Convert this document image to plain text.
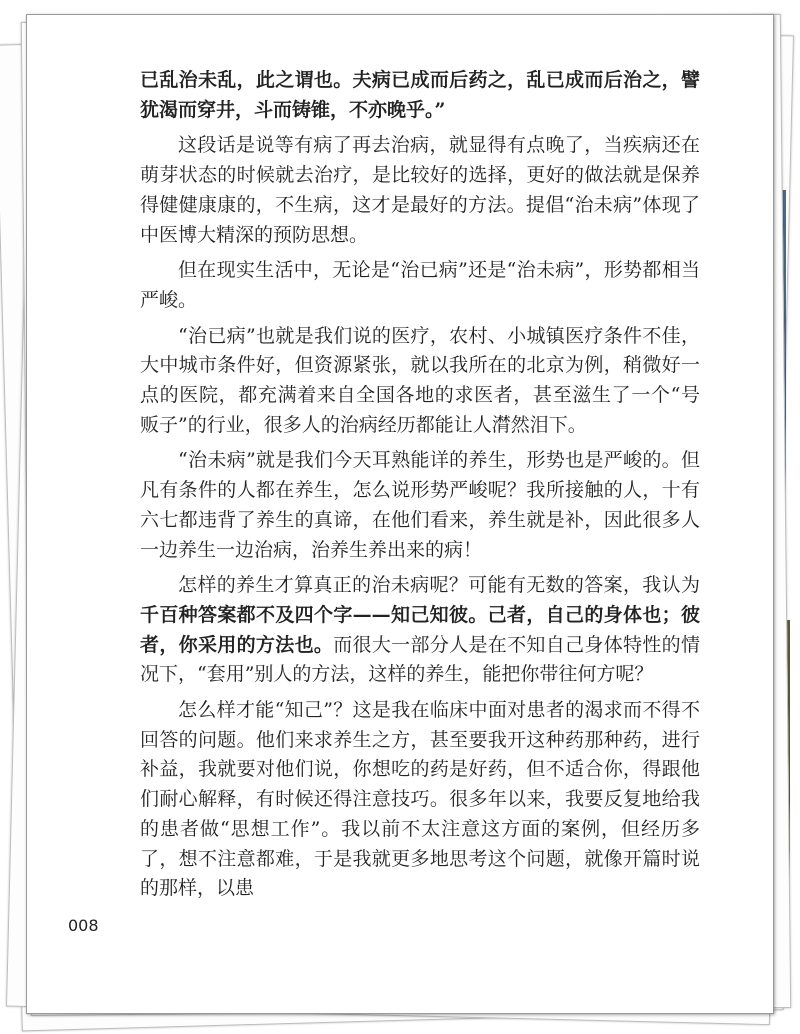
已乱治未乱，此之谓也。夫病已成而后药之，乱已成而后治之，譬犹渴而穿井，斗而铸锥，不亦晚乎。”

这段话是说等有病了再去治病，就显得有点晚了，当疾病还在萌芽状态的时候就去治疗，是比较好的选择，更好的做法就是保养得健健康康的，不生病，这才是最好的方法。提倡“治未病”体现了中医博大精深的预防思想。

但在现实生活中，无论是“治已病”还是“治未病”，形势都相当严峻。

“治已病”也就是我们说的医疗，农村、小城镇医疗条件不佳，大中城市条件好，但资源紧张，就以我所在的北京为例，稍微好一点的医院，都充满着来自全国各地的求医者，甚至滋生了一个“号贩子”的行业，很多人的治病经历都能让人潸然泪下。

“治未病”就是我们今天耳熟能详的养生，形势也是严峻的。但凡有条件的人都在养生，怎么说形势严峻呢？我所接触的人，十有六七都违背了养生的真谛，在他们看来，养生就是补，因此很多人一边养生一边治病，治养生养出来的病！

怎样的养生才算真正的治未病呢？可能有无数的答案，我认为千百种答案都不及四个字——知己知彼。己者，自己的身体也；彼者，你采用的方法也。而很大一部分人是在不知自己身体特性的情况下，“套用”别人的方法，这样的养生，能把你带往何方呢？

怎么样才能“知己”？这是我在临床中面对患者的渴求而不得不回答的问题。他们来求养生之方，甚至要我开这种药那种药，进行补益，我就要对他们说，你想吃的药是好药，但不适合你，得跟他们耐心解释，有时候还得注意技巧。很多年以来，我要反复地给我的患者做“思想工作”。我以前不太注意这方面的案例，但经历多了，想不注意都难，于是我就更多地思考这个问题，就像开篇时说的那样，以患

008
